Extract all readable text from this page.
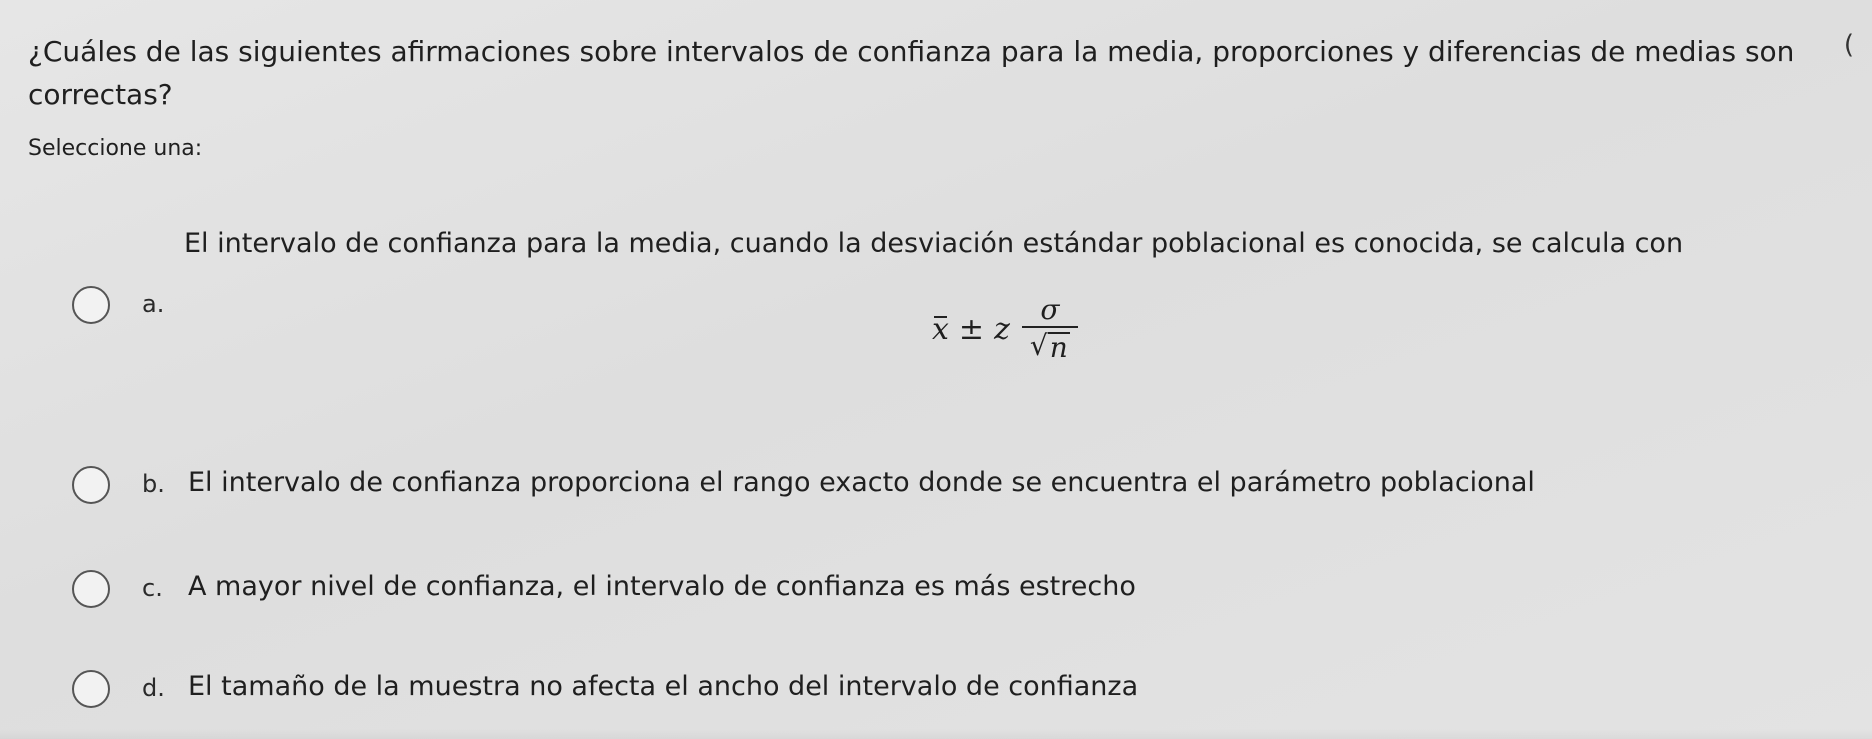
¿Cuáles de las siguientes afirmaciones sobre intervalos de confianza para la media, proporciones y diferencias de medias son
correctas?
(
Seleccione una:
El intervalo de confianza para la media, cuando la desviación estándar poblacional es conocida, se calcula con
a.
x ± z $\frac{\sigma}{√ n}$
b. El intervalo de confianza proporciona el rango exacto donde se encuentra el parámetro poblacional
c. A mayor nivel de confianza, el intervalo de confianza es más estrecho
d. El tamaño de la muestra no afecta el ancho del intervalo de confianza
